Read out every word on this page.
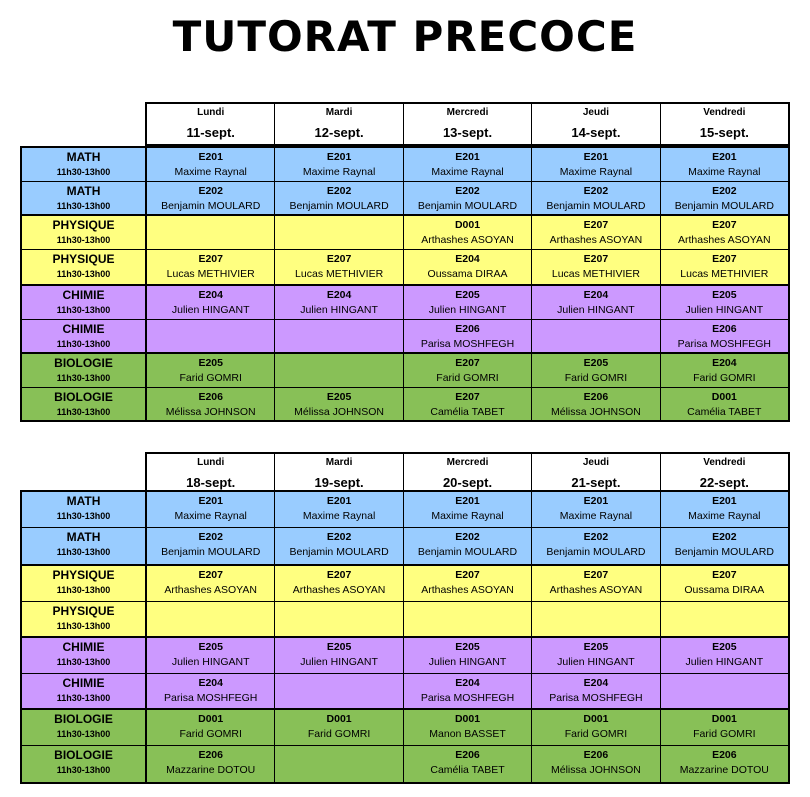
TUTORAT PRECOCE
Lundi
11-sept.
Mardi
12-sept.
Mercredi
13-sept.
Jeudi
14-sept.
Vendredi
15-sept.
MATH
11h30-13h00
E201
Maxime Raynal
E201
Maxime Raynal
E201
Maxime Raynal
E201
Maxime Raynal
E201
Maxime Raynal
MATH
11h30-13h00
E202
Benjamin MOULARD
E202
Benjamin MOULARD
E202
Benjamin MOULARD
E202
Benjamin MOULARD
E202
Benjamin MOULARD
PHYSIQUE
11h30-13h00
D001
Arthashes ASOYAN
E207
Arthashes ASOYAN
E207
Arthashes ASOYAN
PHYSIQUE
11h30-13h00
E207
Lucas METHIVIER
E207
Lucas METHIVIER
E204
Oussama DIRAA
E207
Lucas METHIVIER
E207
Lucas METHIVIER
CHIMIE
11h30-13h00
E204
Julien HINGANT
E204
Julien HINGANT
E205
Julien HINGANT
E204
Julien HINGANT
E205
Julien HINGANT
CHIMIE
11h30-13h00
E206
Parisa MOSHFEGH
E206
Parisa MOSHFEGH
BIOLOGIE
11h30-13h00
E205
Farid GOMRI
E207
Farid GOMRI
E205
Farid GOMRI
E204
Farid GOMRI
BIOLOGIE
11h30-13h00
E206
Mélissa JOHNSON
E205
Mélissa JOHNSON
E207
Camélia TABET
E206
Mélissa JOHNSON
D001
Camélia TABET
Lundi
18-sept.
Mardi
19-sept.
Mercredi
20-sept.
Jeudi
21-sept.
Vendredi
22-sept.
MATH
11h30-13h00
E201
Maxime Raynal
E201
Maxime Raynal
E201
Maxime Raynal
E201
Maxime Raynal
E201
Maxime Raynal
MATH
11h30-13h00
E202
Benjamin MOULARD
E202
Benjamin MOULARD
E202
Benjamin MOULARD
E202
Benjamin MOULARD
E202
Benjamin MOULARD
PHYSIQUE
11h30-13h00
E207
Arthashes ASOYAN
E207
Arthashes ASOYAN
E207
Arthashes ASOYAN
E207
Arthashes ASOYAN
E207
Oussama DIRAA
PHYSIQUE
11h30-13h00
CHIMIE
11h30-13h00
E205
Julien HINGANT
E205
Julien HINGANT
E205
Julien HINGANT
E205
Julien HINGANT
E205
Julien HINGANT
CHIMIE
11h30-13h00
E204
Parisa MOSHFEGH
E204
Parisa MOSHFEGH
E204
Parisa MOSHFEGH
BIOLOGIE
11h30-13h00
D001
Farid GOMRI
D001
Farid GOMRI
D001
Manon BASSET
D001
Farid GOMRI
D001
Farid GOMRI
BIOLOGIE
11h30-13h00
E206
Mazzarine DOTOU
E206
Camélia TABET
E206
Mélissa JOHNSON
E206
Mazzarine DOTOU
